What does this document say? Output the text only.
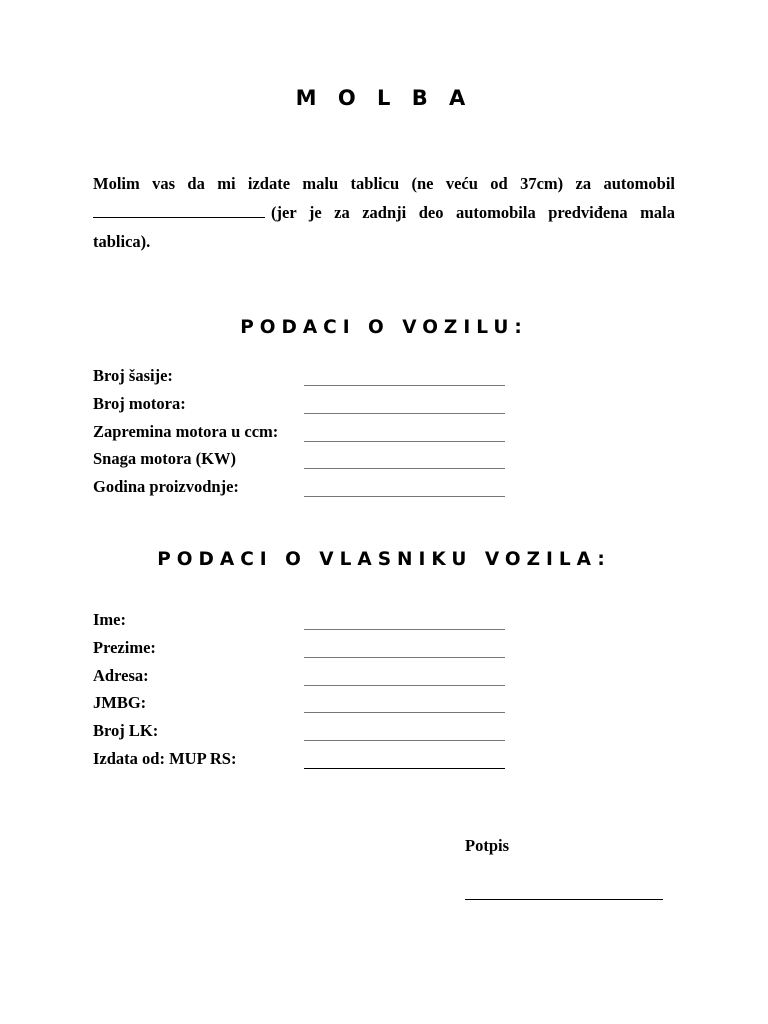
M O L B A
Molim vas da mi izdate malu tablicu (ne veću od 37cm) za automobil (jer je za zadnji deo automobila predviđena mala tablica).
PODACI O VOZILU:
Broj šasije:
Broj motora:
Zapremina motora u ccm:
Snaga motora (KW)
Godina proizvodnje:
PODACI O VLASNIKU VOZILA:
Ime:
Prezime:
Adresa:
JMBG:
Broj LK:
Izdata od: MUP RS:
Potpis
